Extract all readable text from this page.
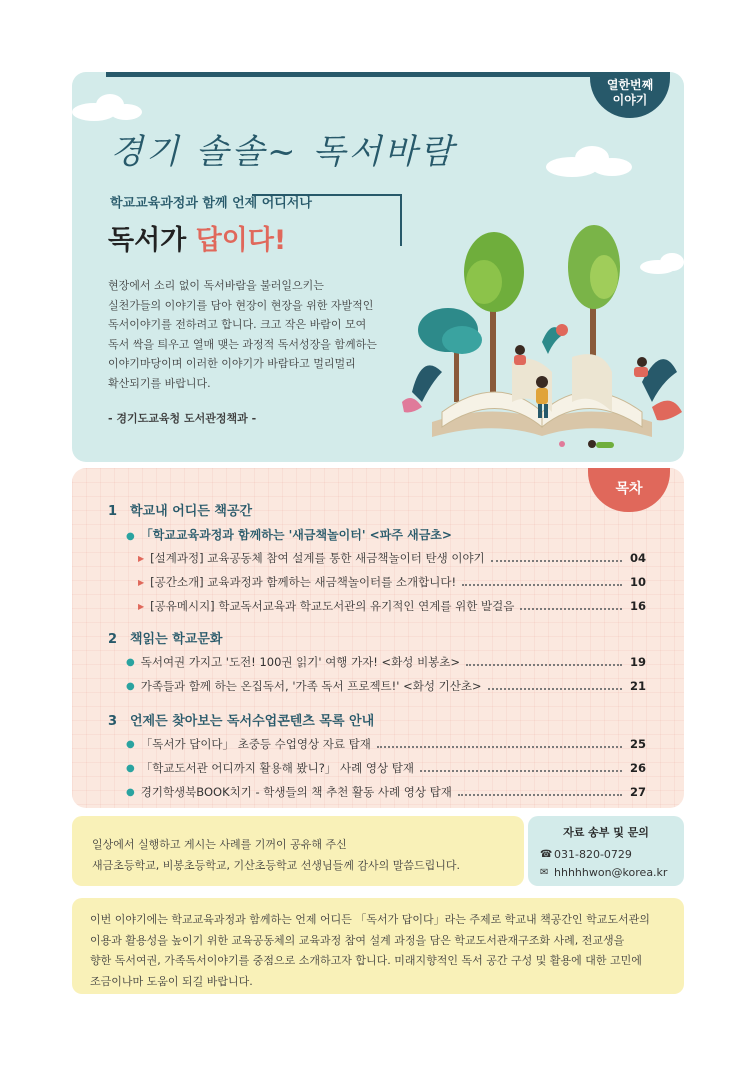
열한번째
이야기
경기 솔솔~ 독서바람
학교교육과정과 함께 언제 어디서나
독서가 답이다!
현장에서 소리 없이 독서바람을 불러일으키는
실천가들의 이야기를 담아 현장이 현장을 위한 자발적인
독서이야기를 전하려고 합니다. 크고 작은 바람이 모여
독서 싹을 틔우고 열매 맺는 과정적 독서성장을 함께하는
이야기마당이며 이러한 이야기가 바람타고 멀리멀리
확산되기를 바랍니다.
- 경기도교육청 도서관정책과 -
목차
1 학교내 어디든 책공간
● 「학교교육과정과 함께하는 '새금책놀이터' <파주 새금초>
▶ [설계과정] 교육공동체 참여 설계를 통한 새금책놀이터 탄생 이야기	04
▶ [공간소개] 교육과정과 함께하는 새금책놀이터를 소개합니다!	10
▶ [공유메시지] 학교독서교육과 학교도서관의 유기적인 연계를 위한 발걸음	16
2 책읽는 학교문화
● 독서여권 가지고 '도전! 100권 읽기' 여행 가자! <화성 비봉초>	19
● 가족들과 함께 하는 온집독서, '가족 독서 프로젝트!' <화성 기산초>	21
3 언제든 찾아보는 독서수업콘텐츠 목록 안내
● 「독서가 답이다」 초중등 수업영상 자료 탑재	25
● 「학교도서관 어디까지 활용해 봤니?」 사례 영상 탑재	26
● 경기학생북BOOK치기 - 학생들의 책 추천 활동 사례 영상 탑재	27
일상에서 실행하고 게시는 사례를 기꺼이 공유해 주신
새금초등학교, 비봉초등학교, 기산초등학교 선생님들께 감사의 말씀드립니다.
자료 송부 및 문의
☎ 031-820-0729
✉ hhhhhwon@korea.kr
이번 이야기에는 학교교육과정과 함께하는 언제 어디든 「독서가 답이다」라는 주제로 학교내 책공간인 학교도서관의
이용과 활용성을 높이기 위한 교육공동체의 교육과정 참여 설계 과정을 담은 학교도서관재구조화 사례, 전교생을
향한 독서여권, 가족독서이야기를 중점으로 소개하고자 합니다. 미래지향적인 독서 공간 구성 및 활용에 대한 고민에
조금이나마 도움이 되길 바랍니다.
